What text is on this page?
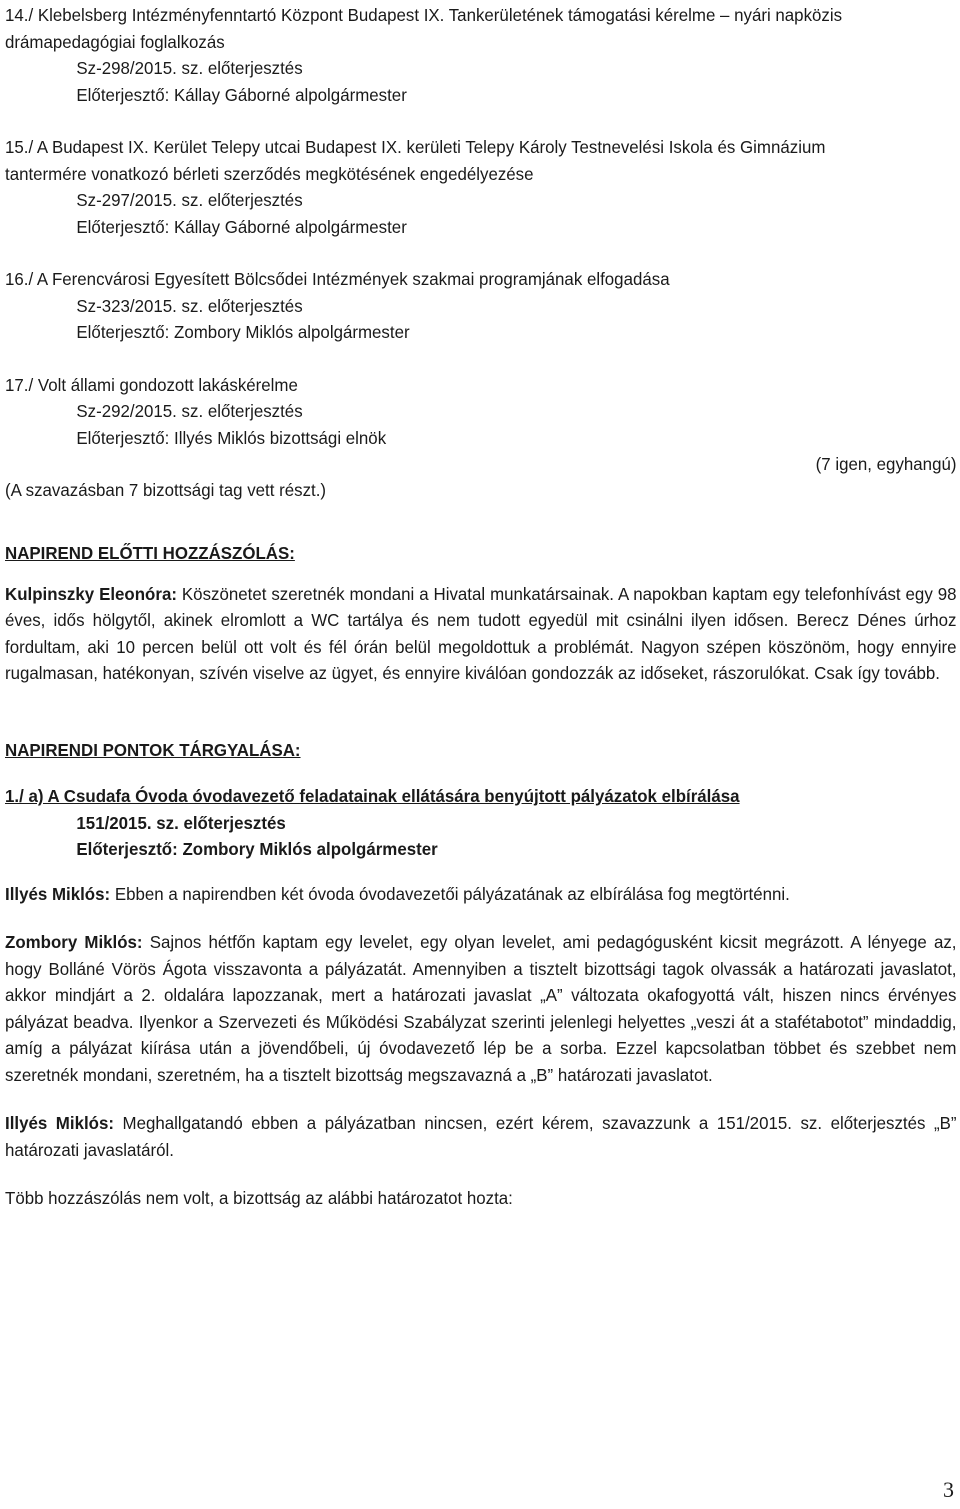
14./ Klebelsberg Intézményfenntartó Központ Budapest IX. Tankerületének támogatási kérelme – nyári napközis
drámapedagógiai foglalkozás
Sz-298/2015. sz. előterjesztés
Előterjesztő: Kállay Gáborné alpolgármester
15./ A Budapest IX. Kerület Telepy utcai Budapest IX. kerületi Telepy Károly Testnevelési Iskola és Gimnázium
tantermére vonatkozó bérleti szerződés megkötésének engedélyezése
Sz-297/2015. sz. előterjesztés
Előterjesztő: Kállay Gáborné alpolgármester
16./ A Ferencvárosi Egyesített Bölcsődei Intézmények szakmai programjának elfogadása
Sz-323/2015. sz. előterjesztés
Előterjesztő: Zombory Miklós alpolgármester
17./ Volt állami gondozott lakáskérelme
Sz-292/2015. sz. előterjesztés
Előterjesztő: Illyés Miklós bizottsági elnök
(7 igen, egyhangú)
(A szavazásban 7 bizottsági tag vett részt.)
NAPIREND ELŐTTI HOZZÁSZÓLÁS:
Kulpinszky Eleonóra: Köszönetet szeretnék mondani a Hivatal munkatársainak. A napokban kaptam egy telefonhívást egy 98 éves, idős hölgytől, akinek elromlott a WC tartálya és nem tudott egyedül mit csinálni ilyen idősen. Berecz Dénes úrhoz fordultam, aki 10 percen belül ott volt és fél órán belül megoldottuk a problémát. Nagyon szépen köszönöm, hogy ennyire rugalmasan, hatékonyan, szívén viselve az ügyet, és ennyire kiválóan gondozzák az időseket, rászorulókat. Csak így tovább.
NAPIRENDI PONTOK TÁRGYALÁSA:
1./ a) A Csudafa Óvoda óvodavezető feladatainak ellátására benyújtott pályázatok elbírálása
151/2015. sz. előterjesztés
Előterjesztő: Zombory Miklós alpolgármester
Illyés Miklós: Ebben a napirendben két óvoda óvodavezetői pályázatának az elbírálása fog megtörténni.
Zombory Miklós: Sajnos hétfőn kaptam egy levelet, egy olyan levelet, ami pedagógusként kicsit megrázott. A lényege az, hogy Bolláné Vörös Ágota visszavonta a pályázatát. Amennyiben a tisztelt bizottsági tagok olvassák a határozati javaslatot, akkor mindjárt a 2. oldalára lapozzanak, mert a határozati javaslat „A” változata okafogyottá vált, hiszen nincs érvényes pályázat beadva. Ilyenkor a Szervezeti és Működési Szabályzat szerinti jelenlegi helyettes „veszi át a stafétabotot” mindaddig, amíg a pályázat kiírása után a jövendőbeli, új óvodavezető lép be a sorba. Ezzel kapcsolatban többet és szebbet nem szeretnék mondani, szeretném, ha a tisztelt bizottság megszavazná a „B” határozati javaslatot.
Illyés Miklós: Meghallgatandó ebben a pályázatban nincsen, ezért kérem, szavazzunk a 151/2015. sz. előterjesztés „B” határozati javaslatáról.
Több hozzászólás nem volt, a bizottság az alábbi határozatot hozta:
3
